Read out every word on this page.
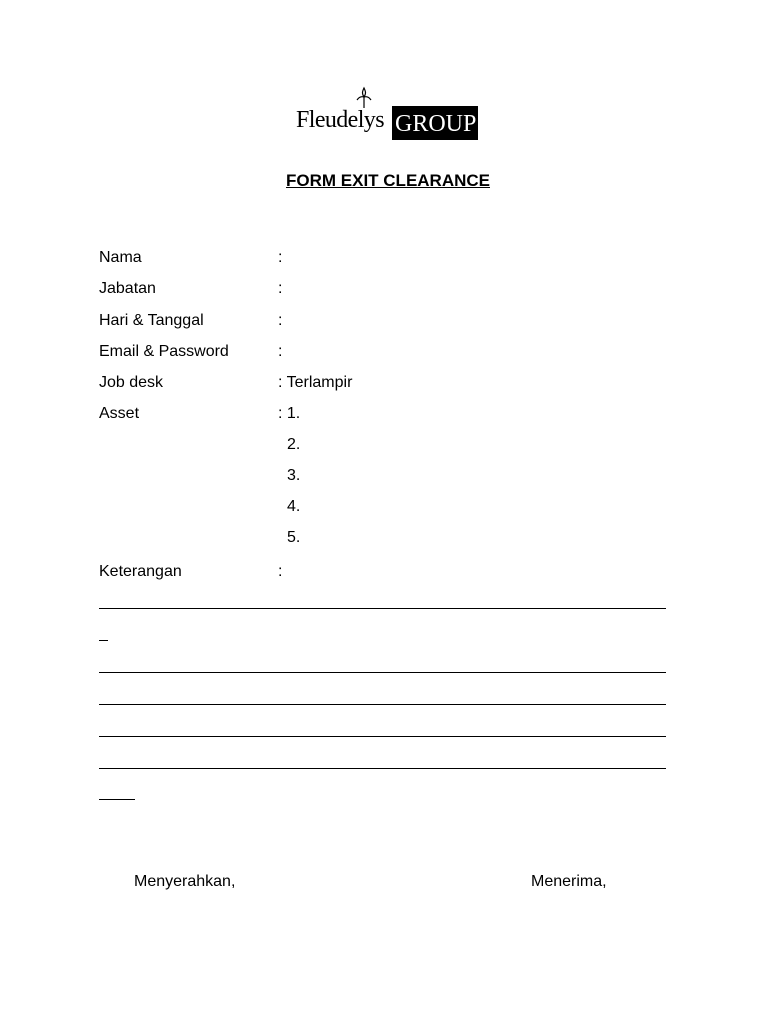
Fleudelys GROUP
FORM EXIT CLEARANCE
Nama	:
Jabatan	:
Hari & Tanggal	:
Email & Password	:
Job desk	: Terlampir
Asset	: 1.
2.
3.
4.
5.
Keterangan	:
Menyerahkan,	Menerima,
